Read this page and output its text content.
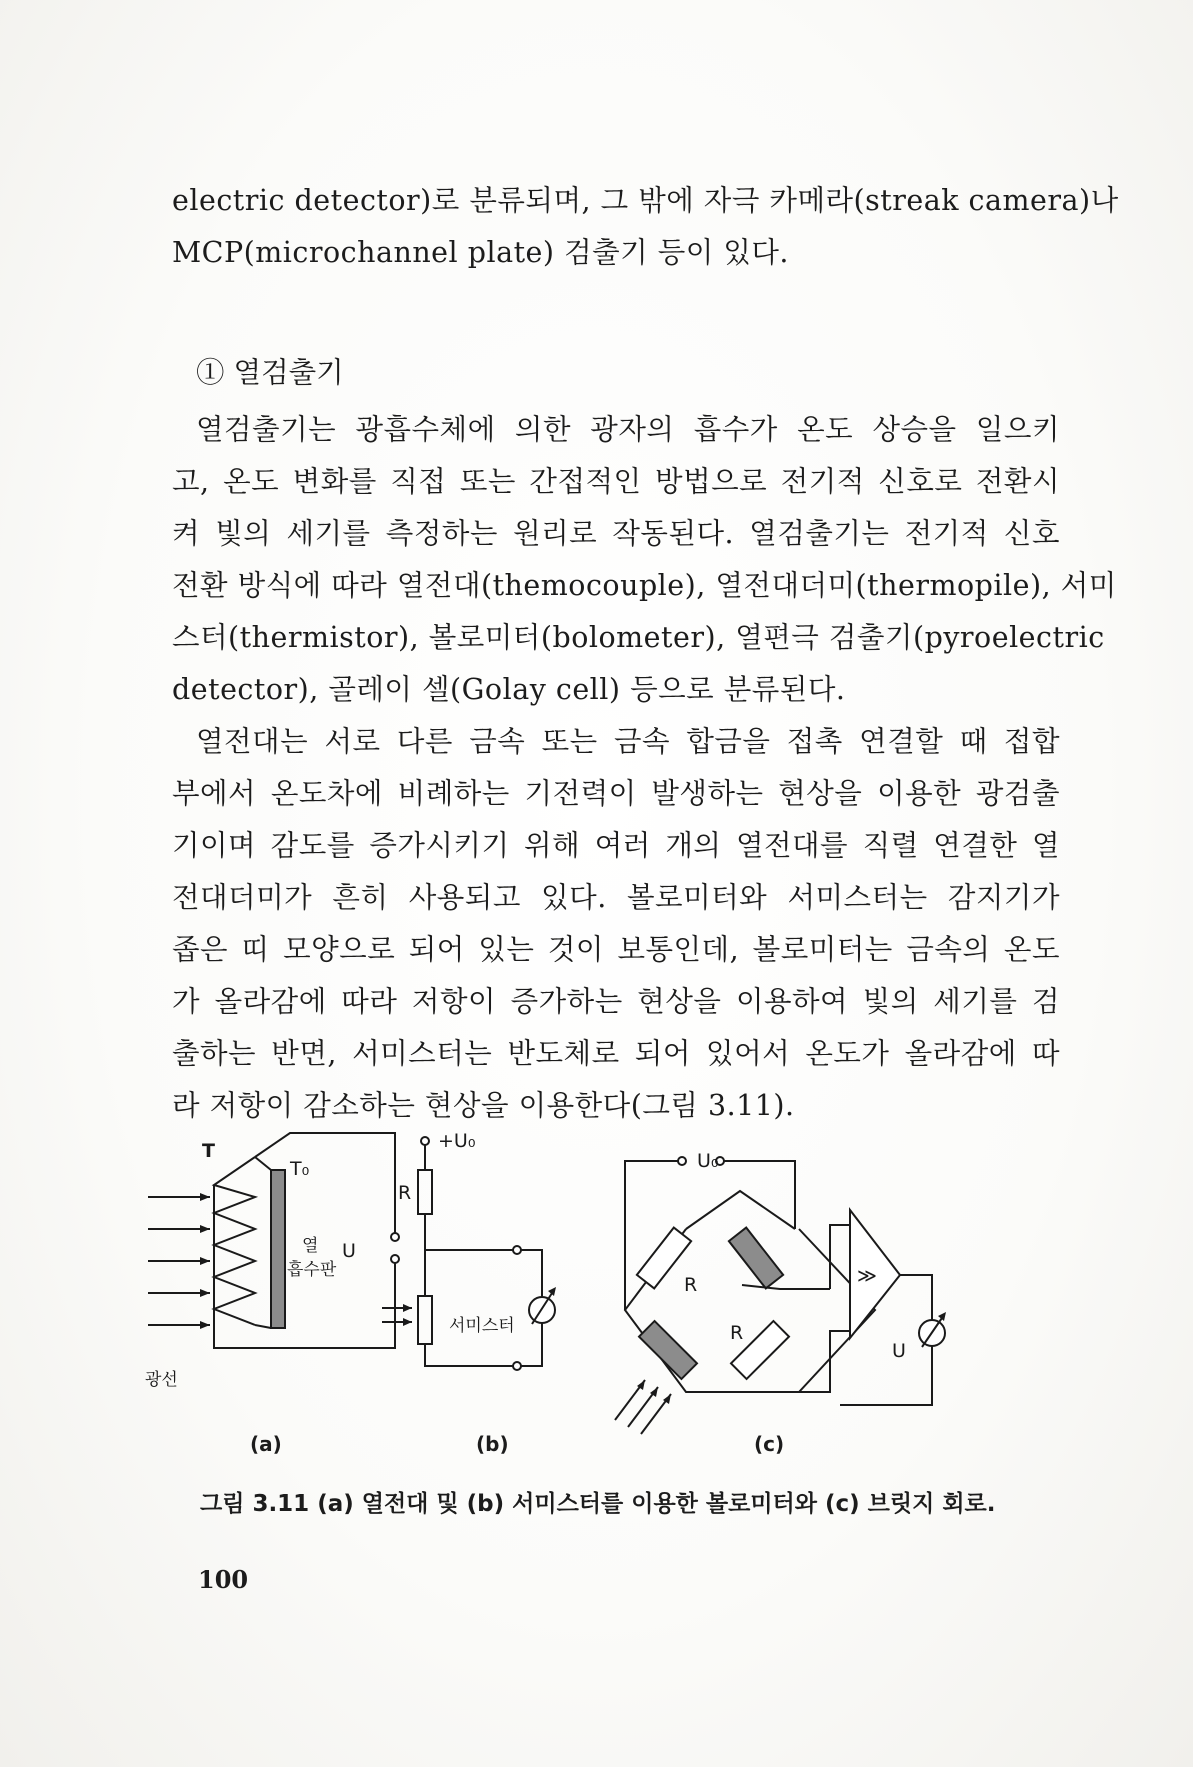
electric detector)로 분류되며, 그 밖에 자극 카메라(streak camera)나
MCP(microchannel plate) 검출기 등이 있다.
① 열검출기
열검출기는 광흡수체에 의한 광자의 흡수가 온도 상승을 일으키
고, 온도 변화를 직접 또는 간접적인 방법으로 전기적 신호로 전환시
켜 빛의 세기를 측정하는 원리로 작동된다. 열검출기는 전기적 신호
전환 방식에 따라 열전대(themocouple), 열전대더미(thermopile), 서미
스터(thermistor), 볼로미터(bolometer), 열편극 검출기(pyroelectric
detector), 골레이 셀(Golay cell) 등으로 분류된다.
열전대는 서로 다른 금속 또는 금속 합금을 접촉 연결할 때 접합
부에서 온도차에 비례하는 기전력이 발생하는 현상을 이용한 광검출
기이며 감도를 증가시키기 위해 여러 개의 열전대를 직렬 연결한 열
전대더미가 흔히 사용되고 있다. 볼로미터와 서미스터는 감지기가
좁은 띠 모양으로 되어 있는 것이 보통인데, 볼로미터는 금속의 온도
가 올라감에 따라 저항이 증가하는 현상을 이용하여 빛의 세기를 검
출하는 반면, 서미스터는 반도체로 되어 있어서 온도가 올라감에 따
라 저항이 감소하는 현상을 이용한다(그림 3.11).
T
T₀
열
흡수판
U
광선
+U₀
R
서미스터
U₀
R
R
≫
U
(a)	(b)	(c)
그림 3.11 (a) 열전대 및 (b) 서미스터를 이용한 볼로미터와 (c) 브릿지 회로.
100
